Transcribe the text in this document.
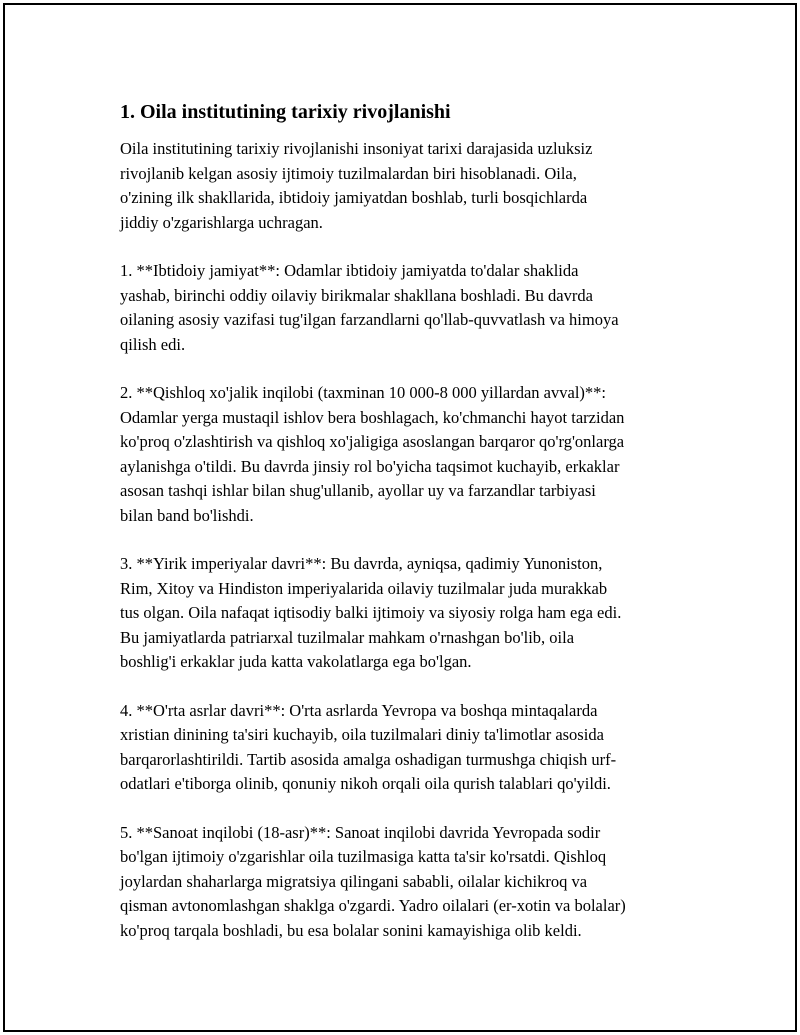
1. Oila institutining tarixiy rivojlanishi

Oila institutining tarixiy rivojlanishi insoniyat tarixi darajasida uzluksiz
rivojlanib kelgan asosiy ijtimoiy tuzilmalardan biri hisoblanadi. Oila,
o'zining ilk shakllarida, ibtidoiy jamiyatdan boshlab, turli bosqichlarda
jiddiy o'zgarishlarga uchragan.

1. **Ibtidoiy jamiyat**: Odamlar ibtidoiy jamiyatda to'dalar shaklida
yashab, birinchi oddiy oilaviy birikmalar shakllana boshladi. Bu davrda
oilaning asosiy vazifasi tug'ilgan farzandlarni qo'llab-quvvatlash va himoya
qilish edi.

2. **Qishloq xo'jalik inqilobi (taxminan 10 000-8 000 yillardan avval)**:
Odamlar yerga mustaqil ishlov bera boshlagach, ko'chmanchi hayot tarzidan
ko'proq o'zlashtirish va qishloq xo'jaligiga asoslangan barqaror qo'rg'onlarga
aylanishga o'tildi. Bu davrda jinsiy rol bo'yicha taqsimot kuchayib, erkaklar
asosan tashqi ishlar bilan shug'ullanib, ayollar uy va farzandlar tarbiyasi
bilan band bo'lishdi.

3. **Yirik imperiyalar davri**: Bu davrda, ayniqsa, qadimiy Yunoniston,
Rim, Xitoy va Hindiston imperiyalarida oilaviy tuzilmalar juda murakkab
tus olgan. Oila nafaqat iqtisodiy balki ijtimoiy va siyosiy rolga ham ega edi.
Bu jamiyatlarda patriarxal tuzilmalar mahkam o'rnashgan bo'lib, oila
boshlig'i erkaklar juda katta vakolatlarga ega bo'lgan.

4. **O'rta asrlar davri**: O'rta asrlarda Yevropa va boshqa mintaqalarda
xristian dinining ta'siri kuchayib, oila tuzilmalari diniy ta'limotlar asosida
barqarorlashtirildi. Tartib asosida amalga oshadigan turmushga chiqish urf-
odatlari e'tiborga olinib, qonuniy nikoh orqali oila qurish talablari qo'yildi.

5. **Sanoat inqilobi (18-asr)**: Sanoat inqilobi davrida Yevropada sodir
bo'lgan ijtimoiy o'zgarishlar oila tuzilmasiga katta ta'sir ko'rsatdi. Qishloq
joylardan shaharlarga migratsiya qilingani sababli, oilalar kichikroq va
qisman avtonomlashgan shaklga o'zgardi. Yadro oilalari (er-xotin va bolalar)
ko'proq tarqala boshladi, bu esa bolalar sonini kamayishiga olib keldi.
